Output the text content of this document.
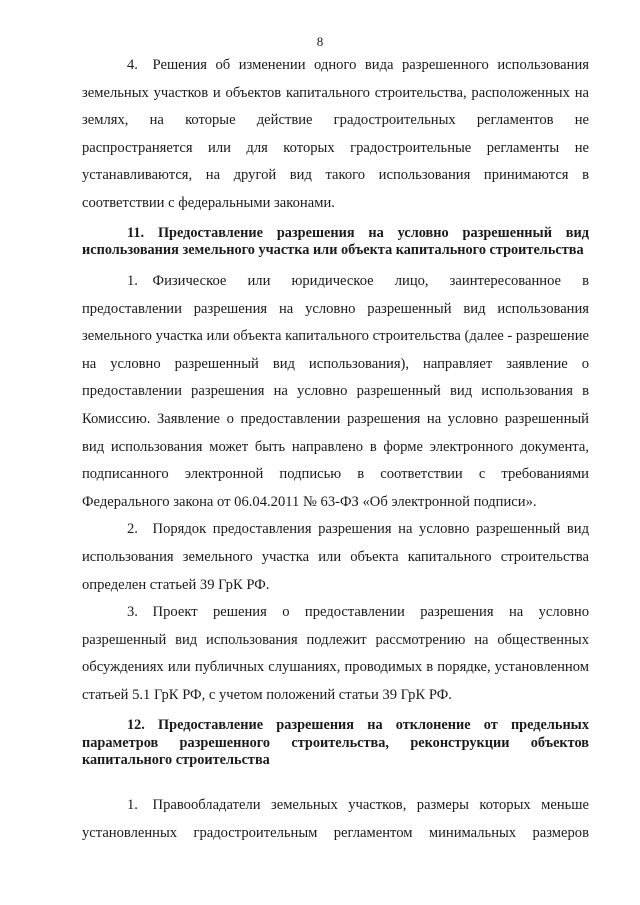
8

4. Решения об изменении одного вида разрешенного использования земельных участков и объектов капитального строительства, расположенных на землях, на которые действие градостроительных регламентов не распространяется или для которых градостроительные регламенты не устанавливаются, на другой вид такого использования принимаются в соответствии с федеральными законами.

11. Предоставление разрешения на условно разрешенный вид использования земельного участка или объекта капитального строительства

1. Физическое или юридическое лицо, заинтересованное в предоставлении разрешения на условно разрешенный вид использования земельного участка или объекта капитального строительства (далее - разрешение на условно разрешенный вид использования), направляет заявление о предоставлении разрешения на условно разрешенный вид использования в Комиссию. Заявление о предоставлении разрешения на условно разрешенный вид использования может быть направлено в форме электронного документа, подписанного электронной подписью в соответствии с требованиями Федерального закона от 06.04.2011 № 63-ФЗ «Об электронной подписи».

2. Порядок предоставления разрешения на условно разрешенный вид использования земельного участка или объекта капитального строительства определен статьей 39 ГрК РФ.

3. Проект решения о предоставлении разрешения на условно разрешенный вид использования подлежит рассмотрению на общественных обсуждениях или публичных слушаниях, проводимых в порядке, установленном статьей 5.1 ГрК РФ, с учетом положений статьи 39 ГрК РФ.

12. Предоставление разрешения на отклонение от предельных параметров разрешенного строительства, реконструкции объектов капитального строительства

1. Правообладатели земельных участков, размеры которых меньше установленных градостроительным регламентом минимальных размеров
